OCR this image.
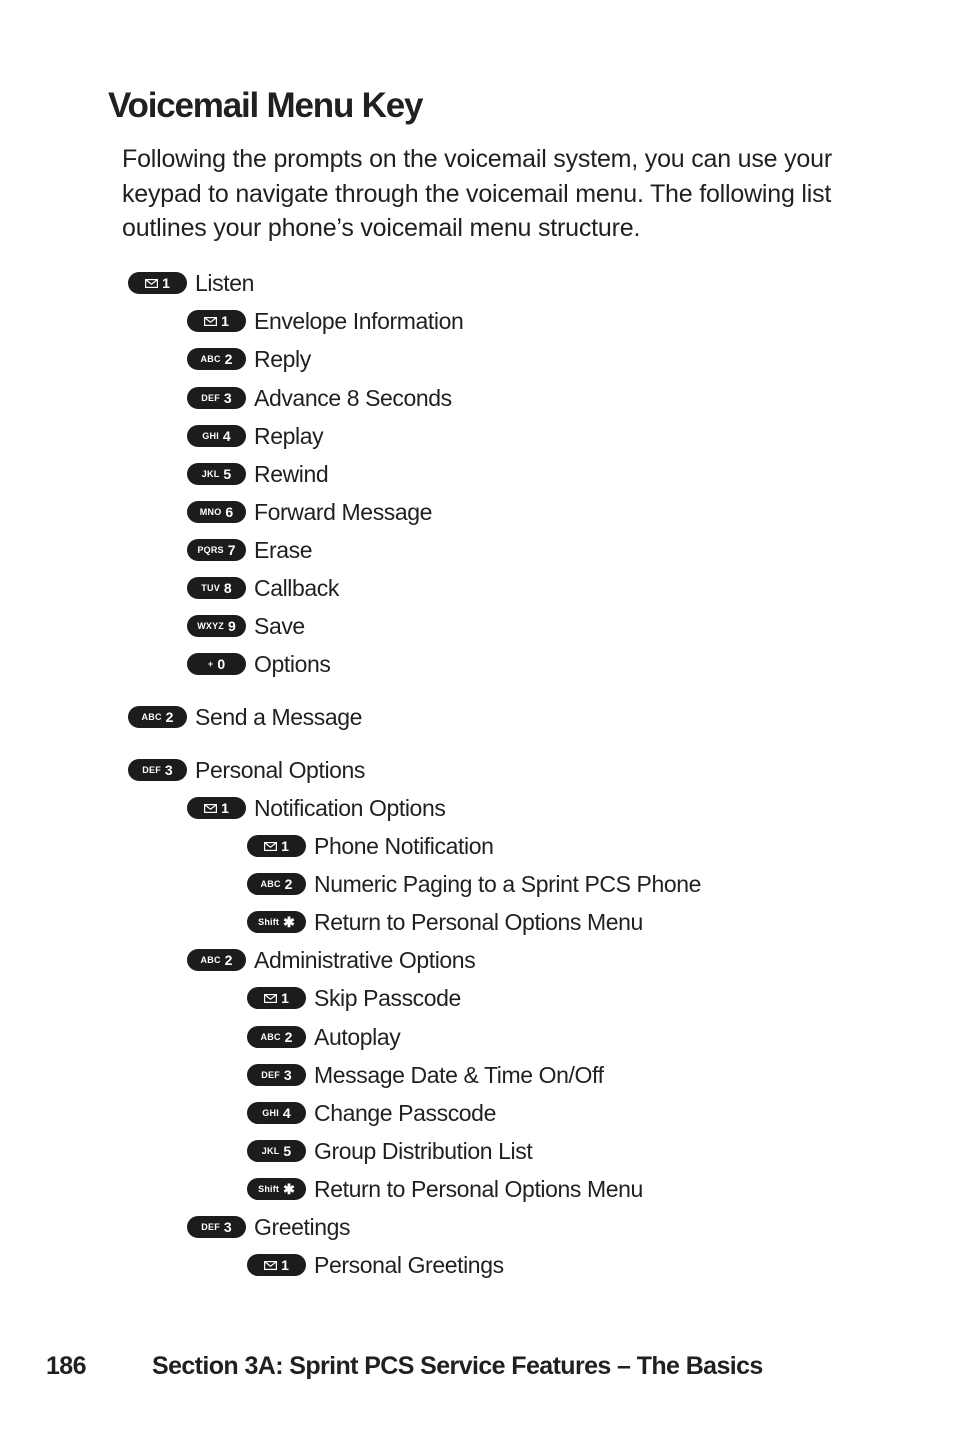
Voicemail Menu Key

Following the prompts on the voicemail system, you can use your keypad to navigate through the voicemail menu. The following list outlines your phone’s voicemail menu structure.

1 Listen
1 Envelope Information
ABC 2 Reply
DEF 3 Advance 8 Seconds
GHI 4 Replay
JKL 5 Rewind
MNO 6 Forward Message
PQRS 7 Erase
TUV 8 Callback
WXYZ 9 Save
+ 0 Options
ABC 2 Send a Message
DEF 3 Personal Options
1 Notification Options
1 Phone Notification
ABC 2 Numeric Paging to a Sprint PCS Phone
Shift ✱ Return to Personal Options Menu
ABC 2 Administrative Options
1 Skip Passcode
ABC 2 Autoplay
DEF 3 Message Date & Time On/Off
GHI 4 Change Passcode
JKL 5 Group Distribution List
Shift ✱ Return to Personal Options Menu
DEF 3 Greetings
1 Personal Greetings
186	Section 3A: Sprint PCS Service Features – The Basics
